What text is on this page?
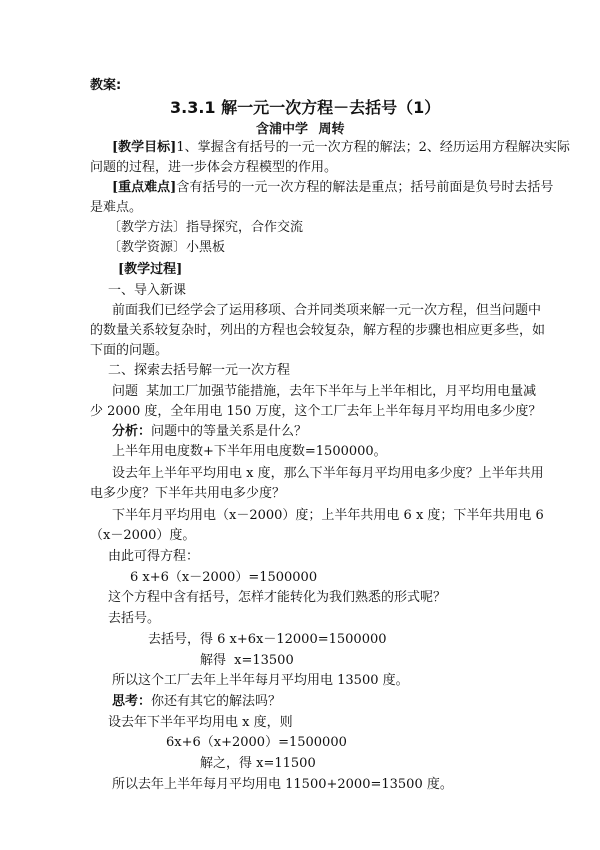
教案:
3.3.1 解一元一次方程－去括号（1）
含浦中学 周转
[教学目标]1、掌握含有括号的一元一次方程的解法；2、经历运用方程解决实际
问题的过程，进一步体会方程模型的作用。
[重点难点]含有括号的一元一次方程的解法是重点；括号前面是负号时去括号
是难点。
〔教学方法〕指导探究，合作交流
〔教学资源〕小黑板
[教学过程]
一、导入新课
前面我们已经学会了运用移项、合并同类项来解一元一次方程，但当问题中
的数量关系较复杂时，列出的方程也会较复杂，解方程的步骤也相应更多些，如
下面的问题。
二、探索去括号解一元一次方程
问题 某加工厂加强节能措施，去年下半年与上半年相比，月平均用电量减
少 2000 度，全年用电 150 万度，这个工厂去年上半年每月平均用电多少度？
分析：问题中的等量关系是什么？
上半年用电度数+下半年用电度数=1500000。
设去年上半年平均用电 x 度，那么下半年每月平均用电多少度？上半年共用
电多少度？下半年共用电多少度？
下半年月平均用电（x－2000）度；上半年共用电 6 x 度；下半年共用电 6
（x－2000）度。
由此可得方程：
6 x+6（x－2000）=1500000
这个方程中含有括号，怎样才能转化为我们熟悉的形式呢？
去括号。
去括号，得 6 x+6x－12000=1500000
解得 x=13500
所以这个工厂去年上半年每月平均用电 13500 度。
思考：你还有其它的解法吗？
设去年下半年平均用电 x 度，则
6x+6（x+2000）=1500000
解之，得 x=11500
所以去年上半年每月平均用电 11500+2000=13500 度。
